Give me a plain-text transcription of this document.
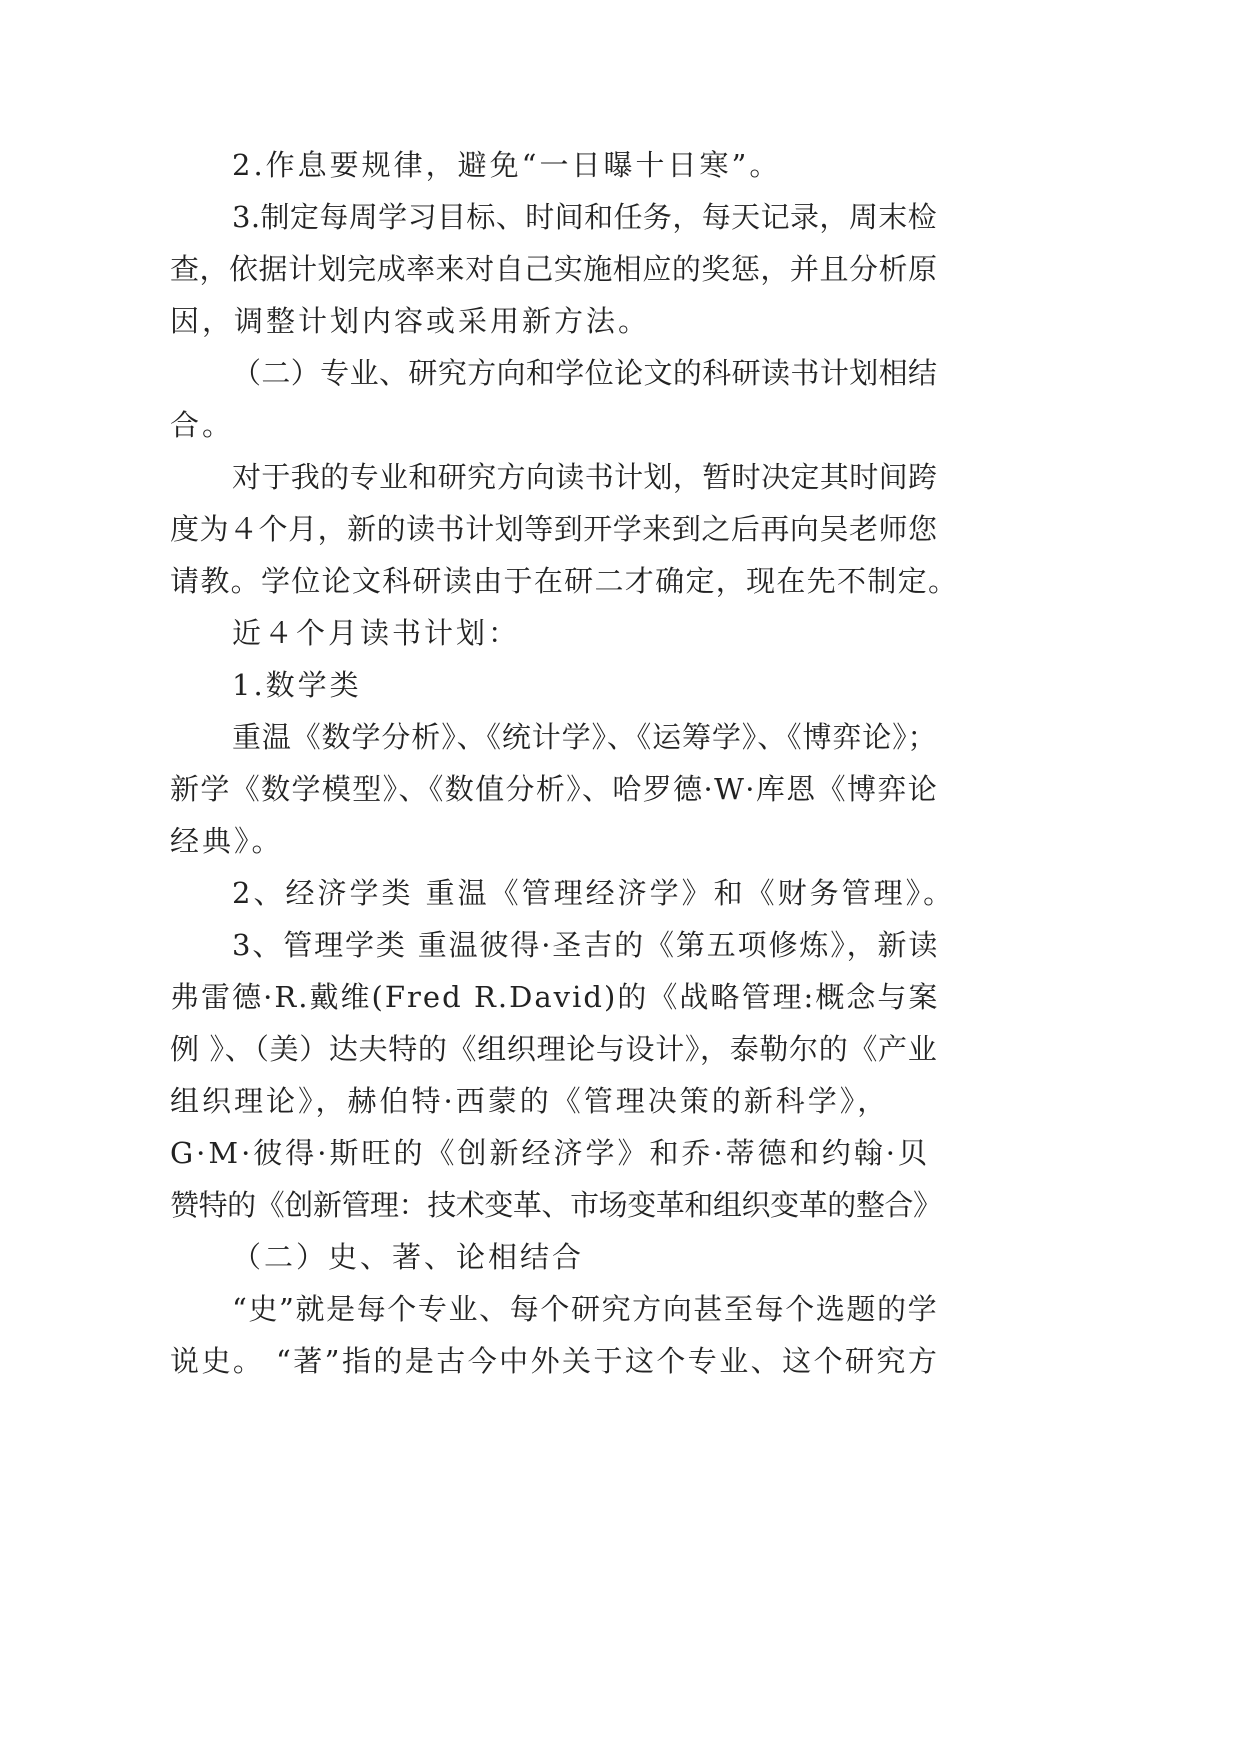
2.作息要规律，避免“一日曝十日寒”。
3.制定每周学习目标、时间和任务，每天记录，周末检
查，依据计划完成率来对自己实施相应的奖惩，并且分析原
因，调整计划内容或采用新方法。
（二）专业、研究方向和学位论文的科研读书计划相结
合。
对于我的专业和研究方向读书计划，暂时决定其时间跨
度为４个月，新的读书计划等到开学来到之后再向吴老师您
请教。学位论文科研读由于在研二才确定，现在先不制定。
近４个月读书计划：
1.数学类
重温《数学分析》、《统计学》、《运筹学》、《博弈论》；
新学《数学模型》、《数值分析》、哈罗德·W·库恩《博弈论
经典》。
2、经济学类 重温《管理经济学》和《财务管理》。
3、管理学类 重温彼得·圣吉的《第五项修炼》，新读
弗雷德·R.戴维(Fred R.David)的《战略管理:概念与案
例 》、（美）达夫特的《组织理论与设计》，泰勒尔的《产业
组织理论》，赫伯特·西蒙的《管理决策的新科学》，
G·M·彼得·斯旺的《创新经济学》和乔·蒂德和约翰·贝
赞特的《创新管理：技术变革、市场变革和组织变革的整合》
（二）史、著、论相结合
“史”就是每个专业、每个研究方向甚至每个选题的学
说史。 “著”指的是古今中外关于这个专业、这个研究方
